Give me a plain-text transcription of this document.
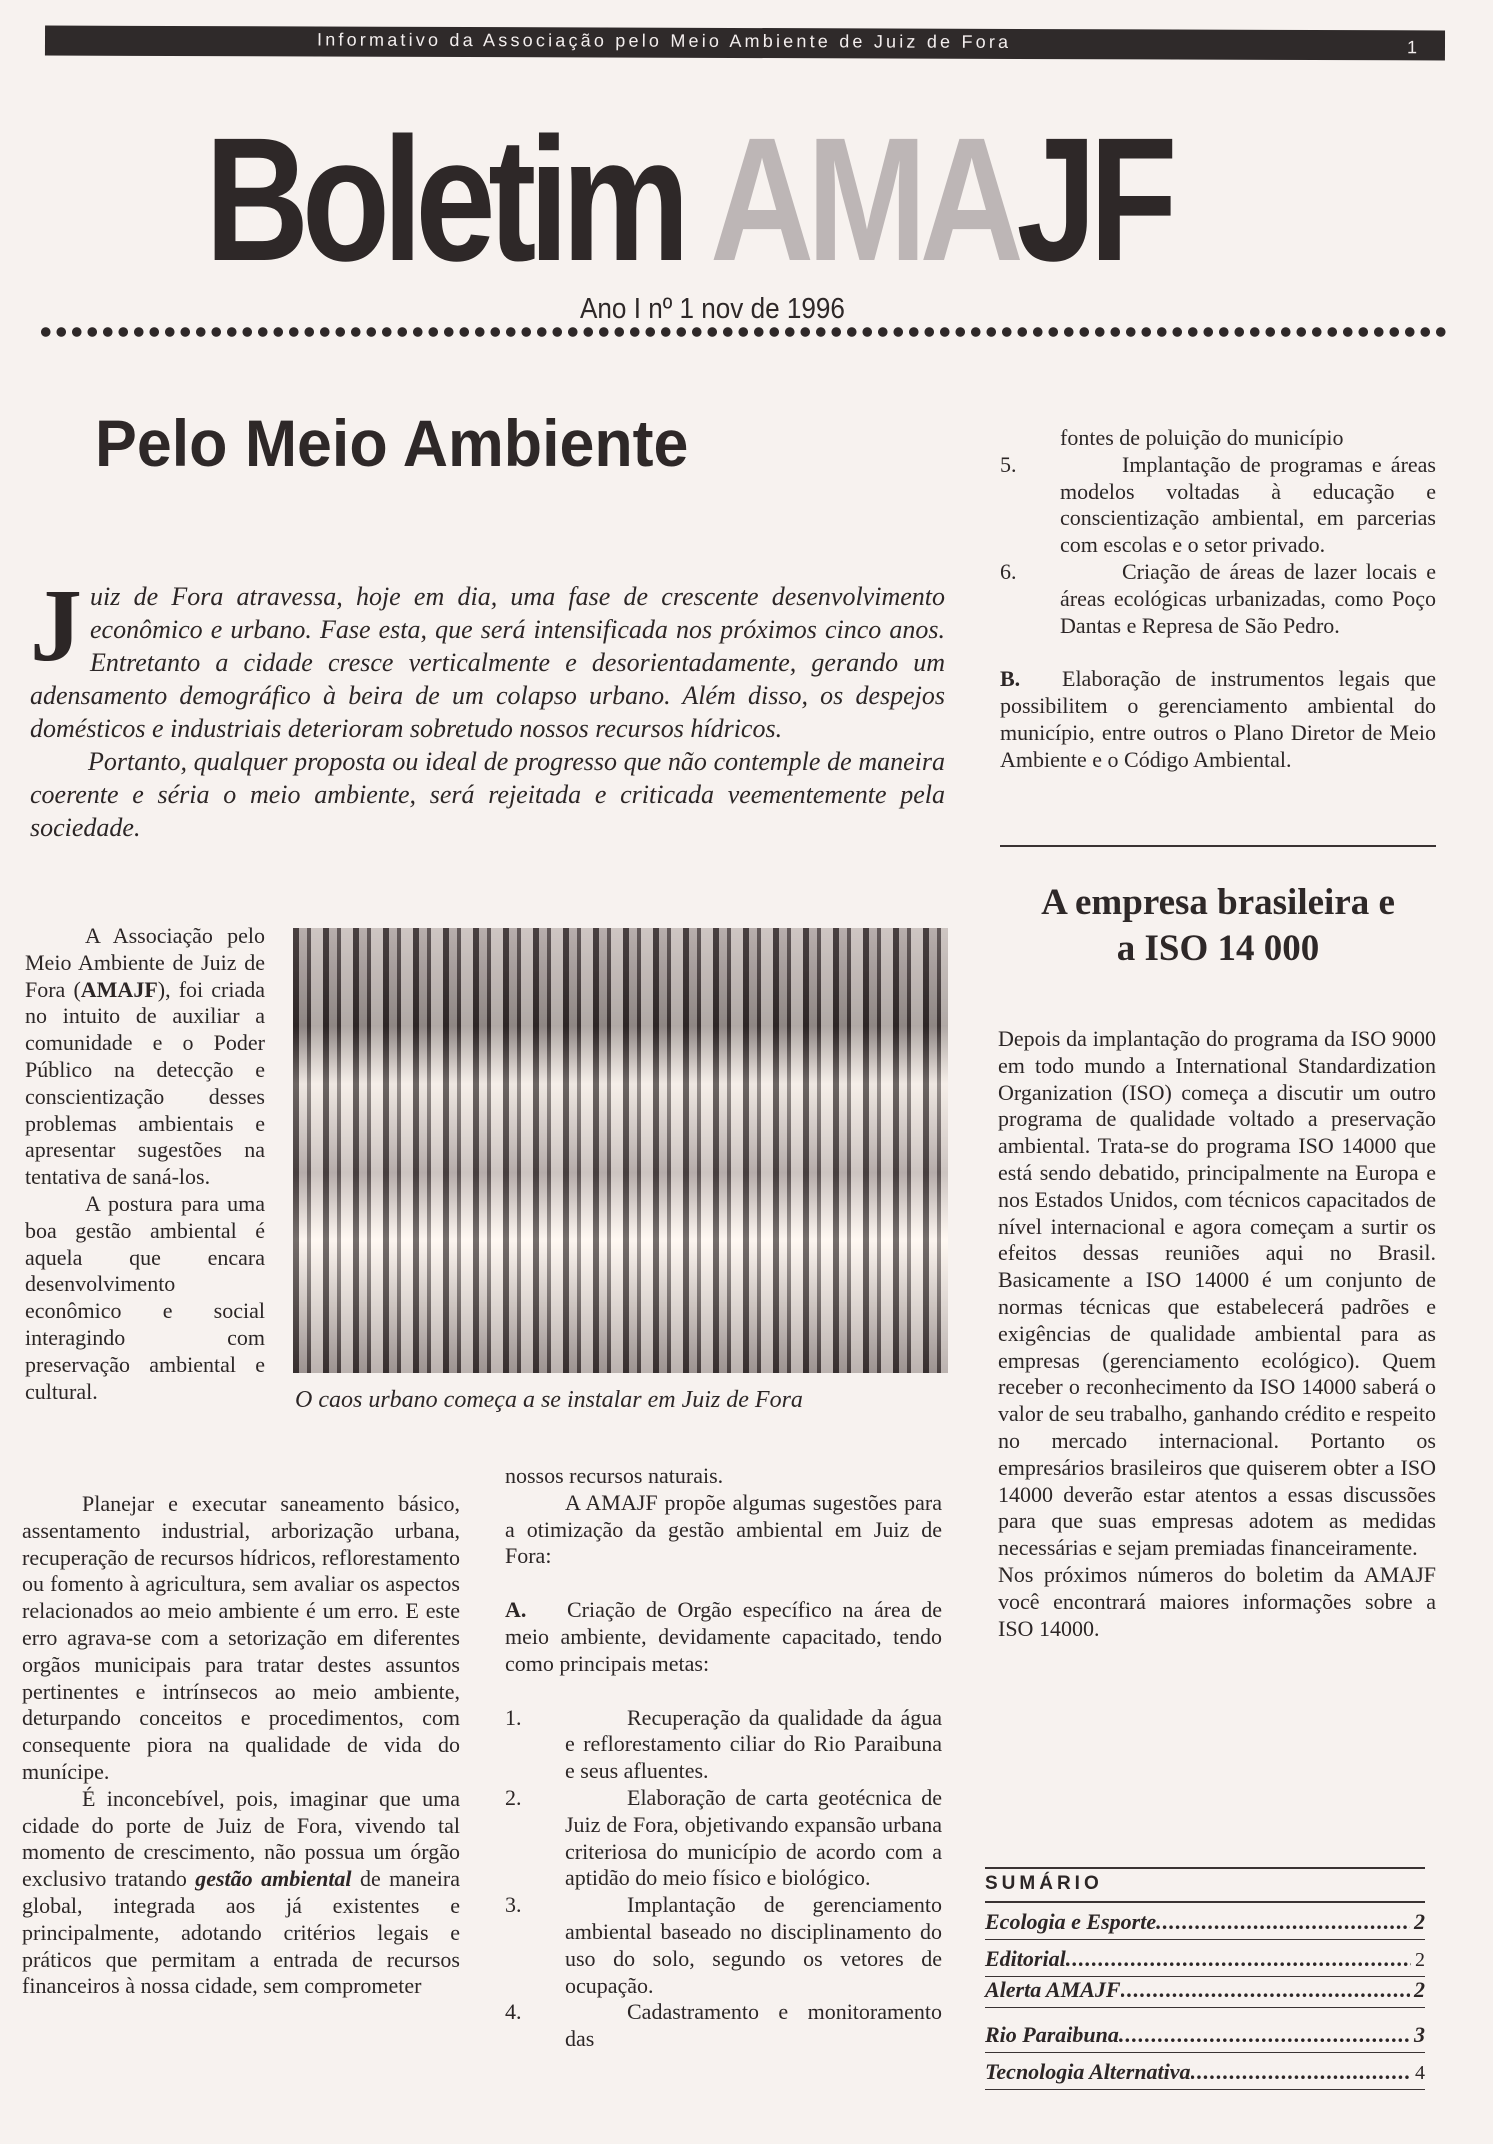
Informativo da Associação pelo Meio Ambiente de Juiz de Fora	1
Boletim AMAJF
Ano I nº 1 nov de 1996
Pelo Meio Ambiente

Juiz de Fora atravessa, hoje em dia, uma fase de crescente desenvolvimento econômico e urbano. Fase esta, que será intensificada nos próximos cinco anos. Entretanto a cidade cresce verticalmente e desorientadamente, gerando um adensamento demográfico à beira de um colapso urbano. Além disso, os despejos domésticos e industriais deterioram sobretudo nossos recursos hídricos.

Portanto, qualquer proposta ou ideal de progresso que não contemple de maneira coerente e séria o meio ambiente, será rejeitada e criticada veementemente pela sociedade.

A Associação pelo Meio Ambiente de Juiz de Fora (AMAJF), foi criada no intuito de auxiliar a comunidade e o Poder Público na detecção e conscientização desses problemas ambientais e apresentar sugestões na tentativa de saná-los.

A postura para uma boa gestão ambiental é aquela que encara desenvolvimento econômico e social interagindo com preservação ambiental e cultural.	O caos urbano começa a se instalar em Juiz de Fora

Planejar e executar saneamento básico, assentamento industrial, arborização urbana, recuperação de recursos hídricos, reflorestamento ou fomento à agricultura, sem avaliar os aspectos relacionados ao meio ambiente é um erro. E este erro agrava-se com a setorização em diferentes orgãos municipais para tratar destes assuntos pertinentes e intrínsecos ao meio ambiente, deturpando conceitos e procedimentos, com consequente piora na qualidade de vida do munícipe.

É inconcebível, pois, imaginar que uma cidade do porte de Juiz de Fora, vivendo tal momento de crescimento, não possua um órgão exclusivo tratando gestão ambiental de maneira global, integrada aos já existentes e principalmente, adotando critérios legais e práticos que permitam a entrada de recursos financeiros à nossa cidade, sem comprometer

nossos recursos naturais.

A AMAJF propõe algumas sugestões para a otimização da gestão ambiental em Juiz de Fora:

A. Criação de Orgão específico na área de meio ambiente, devidamente capacitado, tendo como principais metas:

1.	Recuperação da qualidade da água e reflorestamento ciliar do Rio Paraibuna e seus afluentes.

2.	Elaboração de carta geotécnica de Juiz de Fora, objetivando expansão urbana criteriosa do município de acordo com a aptidão do meio físico e biológico.

3.	Implantação de gerenciamento ambiental baseado no disciplinamento do uso do solo, segundo os vetores de ocupação.

4.	Cadastramento e monitoramento das

fontes de poluição do município

5.	Implantação de programas e áreas modelos voltadas à educação e conscientização ambiental, em parcerias com escolas e o setor privado.

6.	Criação de áreas de lazer locais e áreas ecológicas urbanizadas, como Poço Dantas e Represa de São Pedro.

B. Elaboração de instrumentos legais que possibilitem o gerenciamento ambiental do município, entre outros o Plano Diretor de Meio Ambiente e o Código Ambiental.

A empresa brasileira e
a ISO 14 000

Depois da implantação do programa da ISO 9000 em todo mundo a International Standardization Organization (ISO) começa a discutir um outro programa de qualidade voltado a preservação ambiental. Trata-se do programa ISO 14000 que está sendo debatido, principalmente na Europa e nos Estados Unidos, com técnicos capacitados de nível internacional e agora começam a surtir os efeitos dessas reuniões aqui no Brasil. Basicamente a ISO 14000 é um conjunto de normas técnicas que estabelecerá padrões e exigências de qualidade ambiental para as empresas (gerenciamento ecológico). Quem receber o reconhecimento da ISO 14000 saberá o valor de seu trabalho, ganhando crédito e respeito no mercado internacional. Portanto os empresários brasileiros que quiserem obter a ISO 14000 deverão estar atentos a essas discussões para que suas empresas adotem as medidas necessárias e sejam premiadas financeiramente.

Nos próximos números do boletim da AMAJF você encontrará maiores informações sobre a ISO 14000.

SUMÁRIO
Ecologia e Esporte .....	2
Editorial .....	2
Alerta AMAJF .....	2
Rio Paraibuna .....	3
Tecnologia Alternativa .....	4
